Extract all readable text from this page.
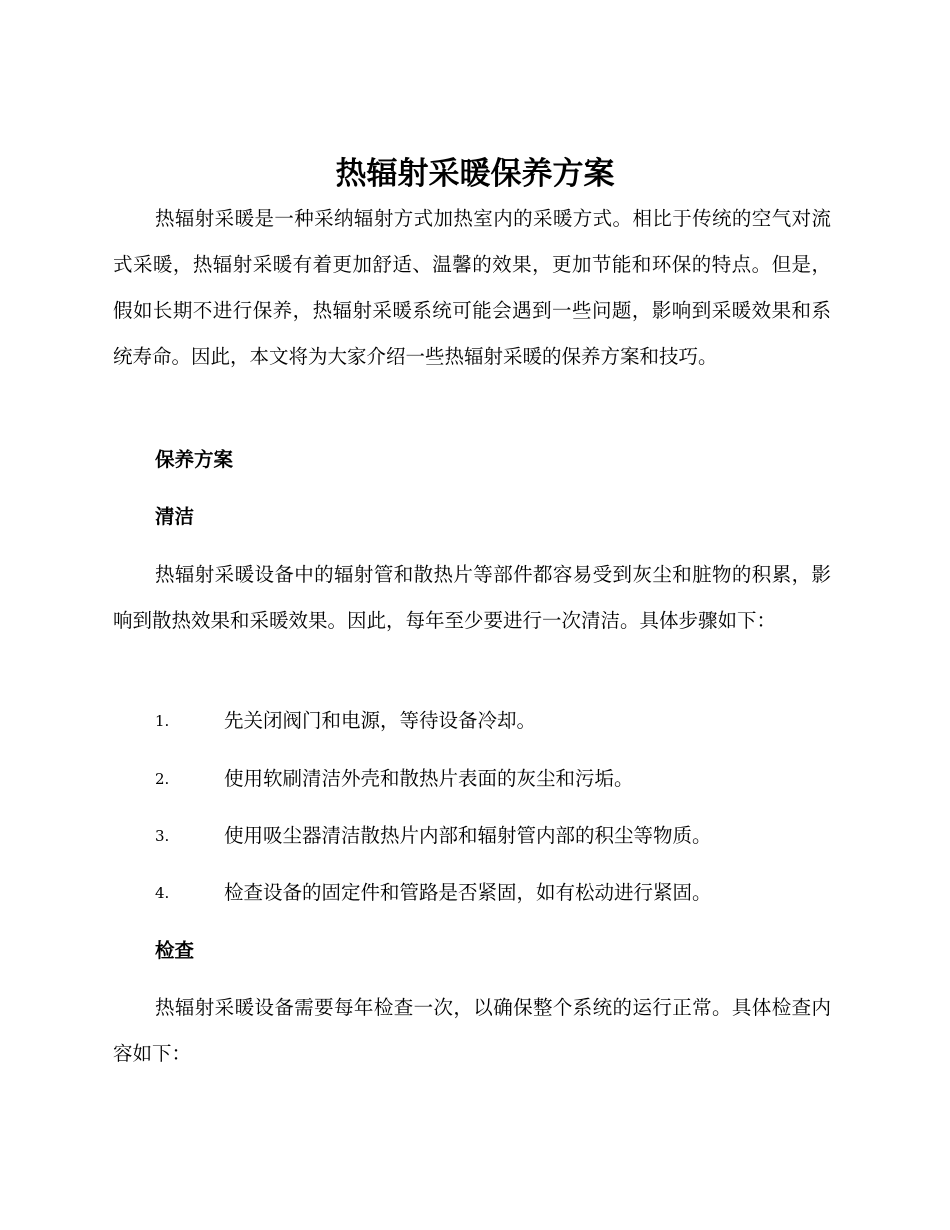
热辐射采暖保养方案

热辐射采暖是一种采纳辐射方式加热室内的采暖方式。相比于传统的空气对流式采暖，热辐射采暖有着更加舒适、温馨的效果，更加节能和环保的特点。但是，假如长期不进行保养，热辐射采暖系统可能会遇到一些问题，影响到采暖效果和系统寿命。因此，本文将为大家介绍一些热辐射采暖的保养方案和技巧。

保养方案
清洁

热辐射采暖设备中的辐射管和散热片等部件都容易受到灰尘和脏物的积累，影响到散热效果和采暖效果。因此，每年至少要进行一次清洁。具体步骤如下：

1.	先关闭阀门和电源，等待设备冷却。
2.	使用软刷清洁外壳和散热片表面的灰尘和污垢。
3.	使用吸尘器清洁散热片内部和辐射管内部的积尘等物质。
4.	检查设备的固定件和管路是否紧固，如有松动进行紧固。
检查

热辐射采暖设备需要每年检查一次，以确保整个系统的运行正常。具体检查内容如下：
